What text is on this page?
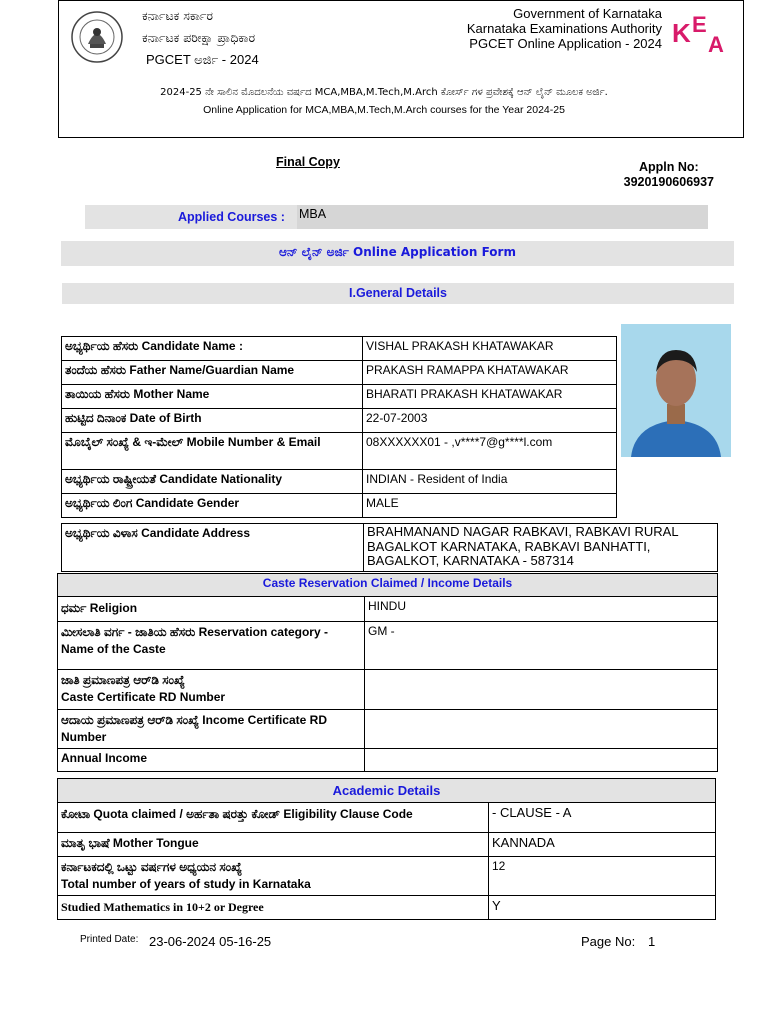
ಕರ್ನಾಟಕ ಸರ್ಕಾರ
ಕರ್ನಾಟಕ ಪರೀಕ್ಷಾ ಪ್ರಾಧಿಕಾರ
PGCET ಅರ್ಜಿ - 2024
Government of Karnataka
Karnataka Examinations Authority
PGCET Online Application - 2024 K E
A
2024-25 ನೇ ಸಾಲಿನ ಮೊದಲನೆಯ ವರ್ಷದ MCA,MBA,M.Tech,M.Arch ಕೋರ್ಸ್ ಗಳ ಪ್ರವೇಶಕ್ಕೆ ಆನ್ ಲೈನ್ ಮೂಲಕ ಅರ್ಜಿ.
Online Application for MCA,MBA,M.Tech,M.Arch courses for the Year 2024-25
Final Copy	Appln No:
3920190606937
Applied Courses : MBA
ಆನ್ ಲೈನ್ ಅರ್ಜಿ Online Application Form
I.General Details
ಅಭ್ಯರ್ಥಿಯ ಹೆಸರು Candidate Name :	VISHAL PRAKASH KHATAWAKAR
ತಂದೆಯ ಹೆಸರು Father Name/Guardian Name	PRAKASH RAMAPPA KHATAWAKAR
ತಾಯಿಯ ಹೆಸರು Mother Name	BHARATI PRAKASH KHATAWAKAR
ಹುಟ್ಟಿದ ದಿನಾಂಕ Date of Birth	22-07-2003
ಮೊಬೈಲ್ ಸಂಖ್ಯೆ & ಇ-ಮೇಲ್ Mobile Number & Email	08XXXXXX01 - ,v****7@g****l.com
ಅಭ್ಯರ್ಥಿಯ ರಾಷ್ಟ್ರೀಯತೆ Candidate Nationality	INDIAN - Resident of India
ಅಭ್ಯರ್ಥಿಯ ಲಿಂಗ Candidate Gender	MALE
ಅಭ್ಯರ್ಥಿಯ ವಿಳಾಸ Candidate Address	BRAHMANAND NAGAR RABKAVI, RABKAVI RURAL
BAGALKOT KARNATAKA, RABKAVI BANHATTI,
BAGALKOT, KARNATAKA - 587314
Caste Reservation Claimed / Income Details	
ಧರ್ಮ Religion	HINDU

ಮೀಸಲಾತಿ ವರ್ಗ - ಜಾತಿಯ ಹೆಸರು Reservation category -
Name of the Caste	GM -

ಜಾತಿ ಪ್ರಮಾಣಪತ್ರ ಆರ್‌ಡಿ ಸಂಖ್ಯೆ
Caste Certificate RD Number	

ಆದಾಯ ಪ್ರಮಾಣಪತ್ರ ಆರ್‌ಡಿ ಸಂಖ್ಯೆ Income Certificate RD
Number	

Annual Income	
Academic Details	
ಕೋಟಾ Quota claimed / ಅರ್ಹತಾ ಷರತ್ತು ಕೋಡ್ Eligibility Clause Code	- CLAUSE - A
ಮಾತೃ ಭಾಷೆ Mother Tongue	KANNADA

ಕರ್ನಾಟಕದಲ್ಲಿ ಒಟ್ಟು ವರ್ಷಗಳ ಅಧ್ಯಯನ ಸಂಖ್ಯೆ
Total number of years of study in Karnataka	12
Studied Mathematics in 10+2 or Degree	Y
Printed Date: 23-06-2024 05-16-25	Page No: 1
